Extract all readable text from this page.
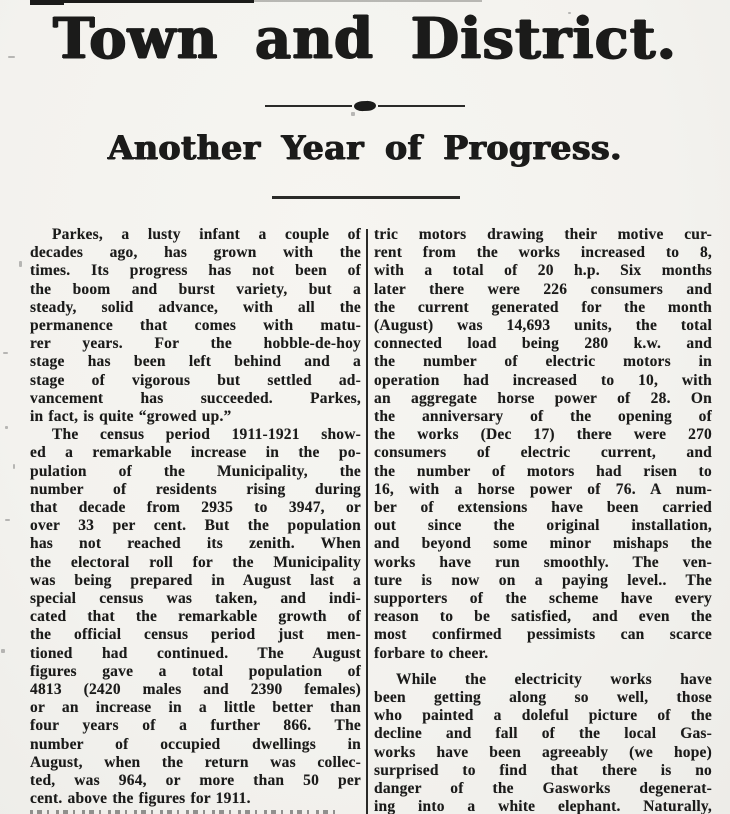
Town and District.
Another Year of Progress.
Parkes, a lusty infant a couple of
decades ago, has grown with the
times. Its progress has not been of
the boom and burst variety, but a
steady, solid advance, with all the
permanence that comes with matu-
rer years. For the hobble-de-hoy
stage has been left behind and a
stage of vigorous but settled ad-
vancement has succeeded. Parkes,
in fact, is quite “growed up.”
The census period 1911-1921 show-
ed a remarkable increase in the po-
pulation of the Municipality, the
number of residents rising during
that decade from 2935 to 3947, or
over 33 per cent. But the population
has not reached its zenith. When
the electoral roll for the Municipality
was being prepared in August last a
special census was taken, and indi-
cated that the remarkable growth of
the official census period just men-
tioned had continued. The August
figures gave a total population of
4813 (2420 males and 2390 females)
or an increase in a little better than
four years of a further 866. The
number of occupied dwellings in
August, when the return was collec-
ted, was 964, or more than 50 per
cent. above the figures for 1911.
tric motors drawing their motive cur-
rent from the works increased to 8,
with a total of 20 h.p. Six months
later there were 226 consumers and
the current generated for the month
(August) was 14,693 units, the total
connected load being 280 k.w. and
the number of electric motors in
operation had increased to 10, with
an aggregate horse power of 28. On
the anniversary of the opening of
the works (Dec 17) there were 270
consumers of electric current, and
the number of motors had risen to
16, with a horse power of 76. A num-
ber of extensions have been carried
out since the original installation,
and beyond some minor mishaps the
works have run smoothly. The ven-
ture is now on a paying level.. The
supporters of the scheme have every
reason to be satisfied, and even the
most confirmed pessimists can scarce
forbare to cheer.
While the electricity works have
been getting along so well, those
who painted a doleful picture of the
decline and fall of the local Gas-
works have been agreeably (we hope)
surprised to find that there is no
danger of the Gasworks degenerat-
ing into a white elephant. Naturally,
